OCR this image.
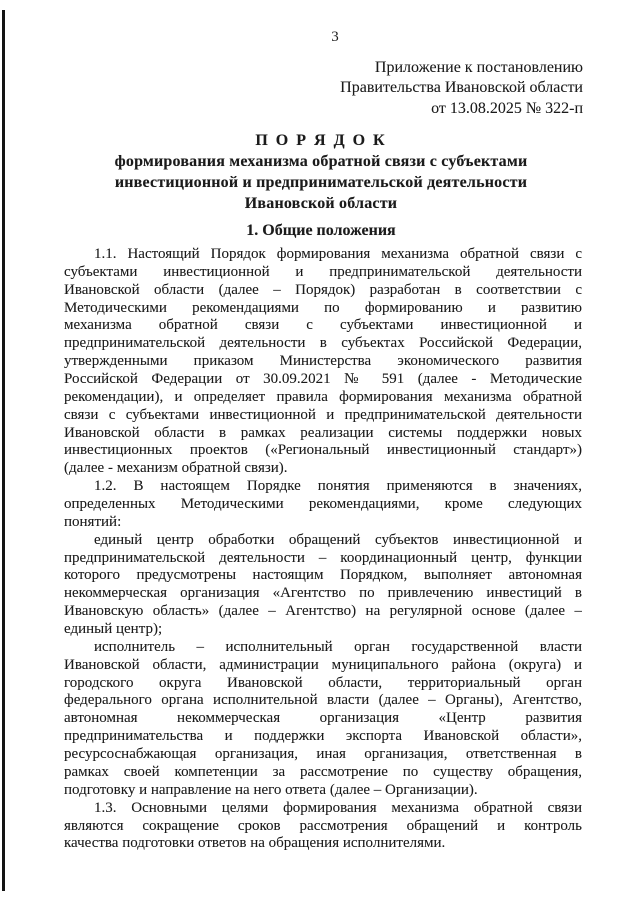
3
Приложение к постановлению
Правительства Ивановской области
от 13.08.2025 № 322-п
П О Р Я Д О К
формирования механизма обратной связи с субъектами
инвестиционной и предпринимательской деятельности
Ивановской области
1. Общие положения
1.1. Настоящий Порядок формирования механизма обратной связи с
субъектами инвестиционной и предпринимательской деятельности
Ивановской области (далее – Порядок) разработан в соответствии с
Методическими рекомендациями по формированию и развитию
механизма обратной связи с субъектами инвестиционной и
предпринимательской деятельности в субъектах Российской Федерации,
утвержденными приказом Министерства экономического развития
Российской Федерации от 30.09.2021 № 591 (далее - Методические
рекомендации), и определяет правила формирования механизма обратной
связи с субъектами инвестиционной и предпринимательской деятельности
Ивановской области в рамках реализации системы поддержки новых
инвестиционных проектов («Региональный инвестиционный стандарт»)
(далее - механизм обратной связи).
1.2. В настоящем Порядке понятия применяются в значениях,
определенных Методическими рекомендациями, кроме следующих
понятий:
единый центр обработки обращений субъектов инвестиционной и
предпринимательской деятельности – координационный центр, функции
которого предусмотрены настоящим Порядком, выполняет автономная
некоммерческая организация «Агентство по привлечению инвестиций в
Ивановскую область» (далее – Агентство) на регулярной основе (далее –
единый центр);
исполнитель – исполнительный орган государственной власти
Ивановской области, администрации муниципального района (округа) и
городского округа Ивановской области, территориальный орган
федерального органа исполнительной власти (далее – Органы), Агентство,
автономная некоммерческая организация «Центр развития
предпринимательства и поддержки экспорта Ивановской области»,
ресурсоснабжающая организация, иная организация, ответственная в
рамках своей компетенции за рассмотрение по существу обращения,
подготовку и направление на него ответа (далее – Организации).
1.3. Основными целями формирования механизма обратной связи
являются сокращение сроков рассмотрения обращений и контроль
качества подготовки ответов на обращения исполнителями.
